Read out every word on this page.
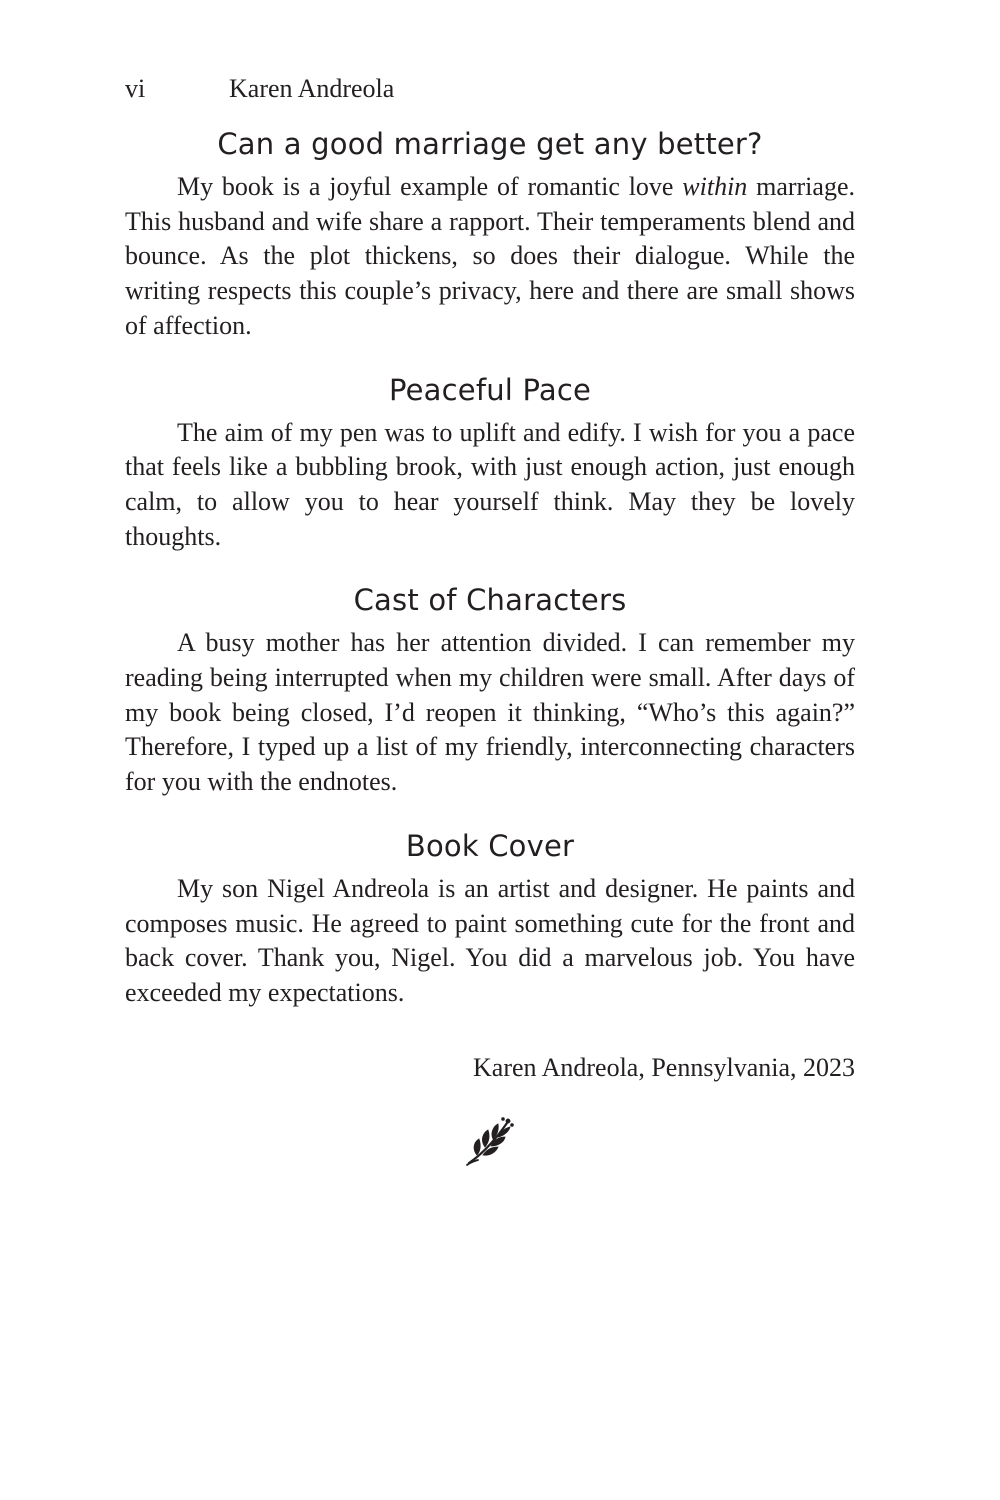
vi	Karen Andreola
Can a good marriage get any better?

My book is a joyful example of romantic love within marriage. This husband and wife share a rapport. Their temperaments blend and bounce. As the plot thickens, so does their dialogue. While the writing respects this couple’s privacy, here and there are small shows of affection.

Peaceful Pace

The aim of my pen was to uplift and edify. I wish for you a pace that feels like a bubbling brook, with just enough action, just enough calm, to allow you to hear yourself think. May they be lovely thoughts.

Cast of Characters

A busy mother has her attention divided. I can remember my reading being interrupted when my children were small. After days of my book being closed, I’d reopen it thinking, “Who’s this again?” Therefore, I typed up a list of my friendly, interconnecting characters for you with the endnotes.

Book Cover

My son Nigel Andreola is an artist and designer. He paints and composes music. He agreed to paint something cute for the front and back cover. Thank you, Nigel. You did a marvelous job. You have exceeded my expectations.

Karen Andreola, Pennsylvania, 2023
